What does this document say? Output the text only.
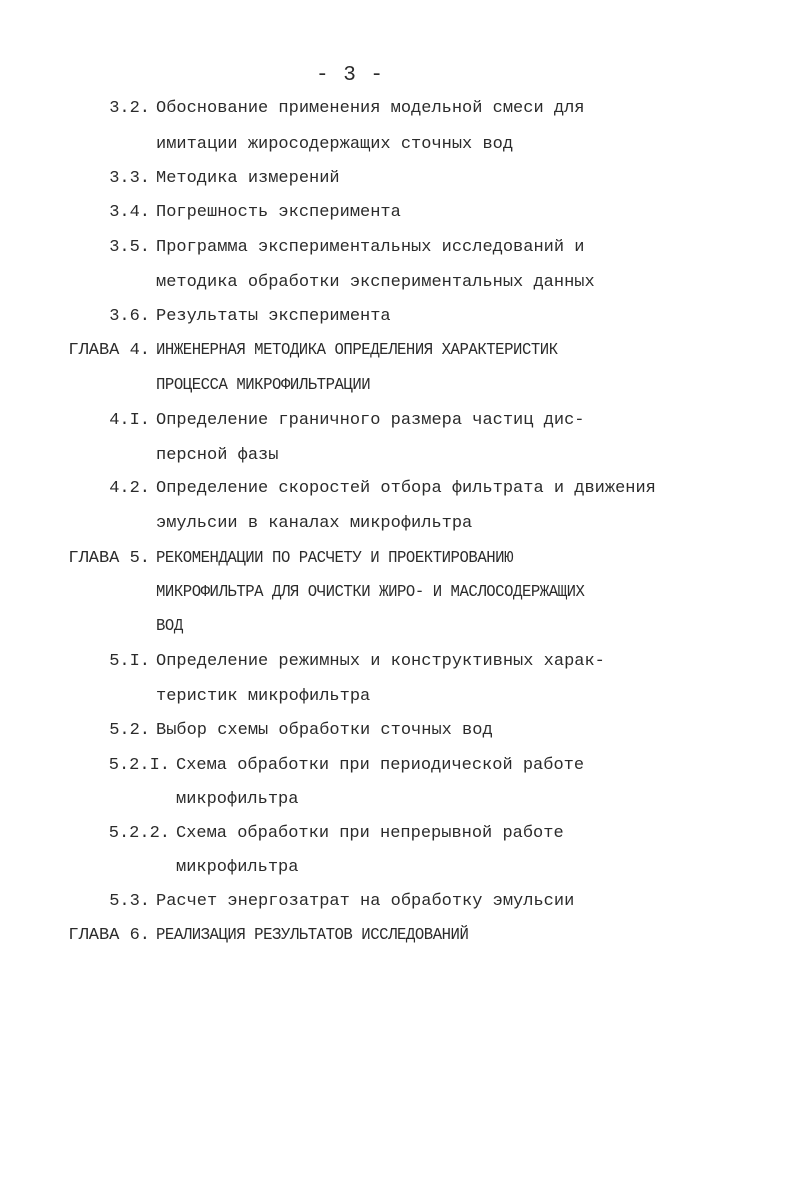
- 3 -
3.2. Обоснование применения модельной смеси для
имитации жиросодержащих сточных вод
3.3. Методика измерений
3.4. Погрешность эксперимента
3.5. Программа экспериментальных исследований и
методика обработки экспериментальных данных
3.6. Результаты эксперимента
ГЛАВА 4. ИНЖЕНЕРНАЯ МЕТОДИКА ОПРЕДЕЛЕНИЯ ХАРАКТЕРИСТИК
ПРОЦЕССА МИКРОФИЛЬТРАЦИИ
4.I. Определение граничного размера частиц дис-
персной фазы
4.2. Определение скоростей отбора фильтрата и движения
эмульсии в каналах микрофильтра
ГЛАВА 5. РЕКОМЕНДАЦИИ ПО РАСЧЕТУ И ПРОЕКТИРОВАНИЮ
МИКРОФИЛЬТРА ДЛЯ ОЧИСТКИ ЖИРО- И МАСЛОСОДЕРЖАЩИХ
ВОД
5.I. Определение режимных и конструктивных харак-
теристик микрофильтра
5.2. Выбор схемы обработки сточных вод
5.2.I. Схема обработки при периодической работе
микрофильтра
5.2.2. Схема обработки при непрерывной работе
микрофильтра
5.3. Расчет энергозатрат на обработку эмульсии
ГЛАВА 6. РЕАЛИЗАЦИЯ РЕЗУЛЬТАТОВ ИССЛЕДОВАНИЙ
